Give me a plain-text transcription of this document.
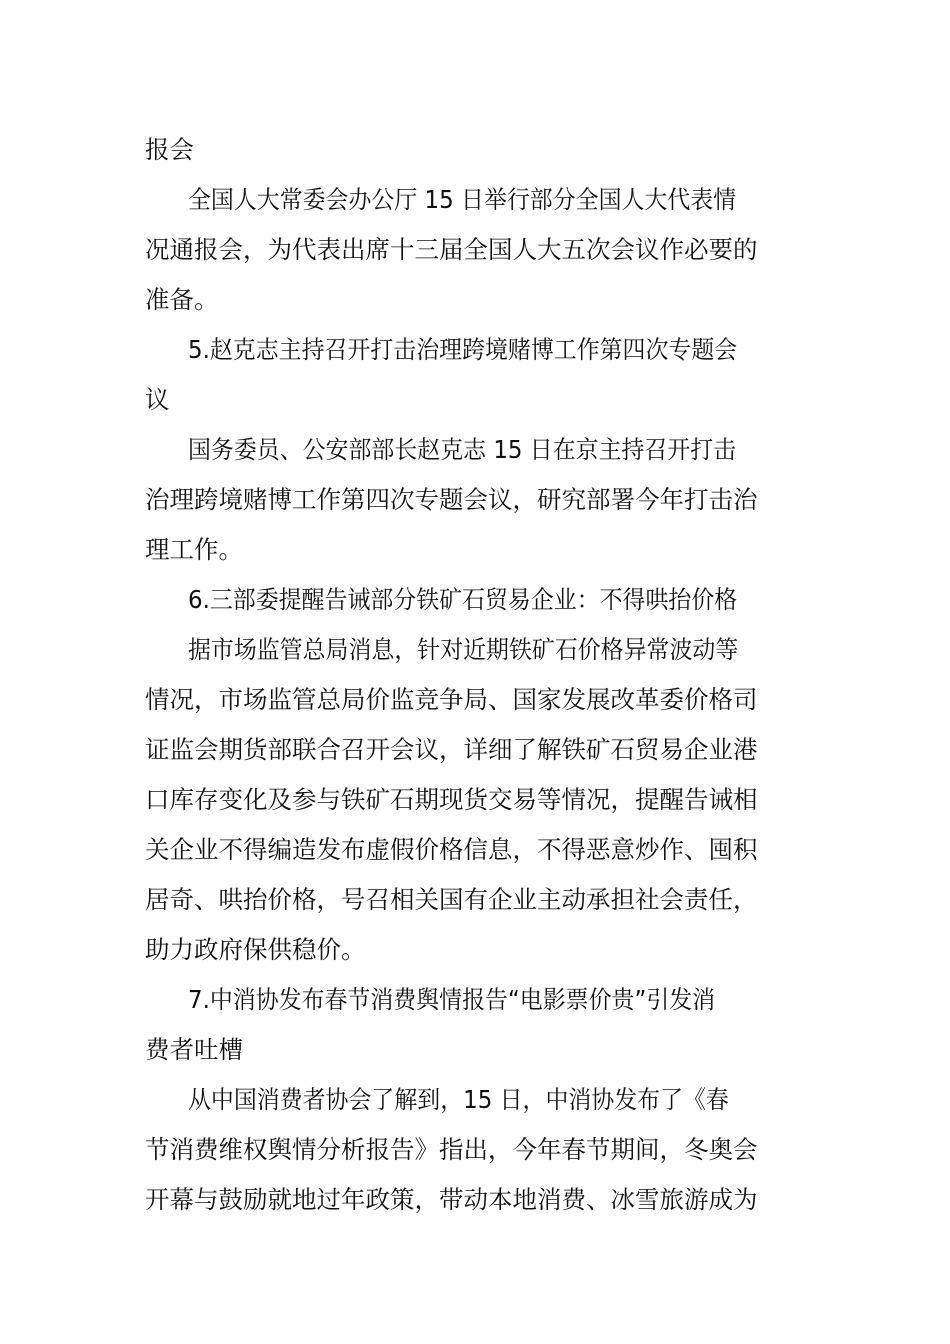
报会
全国人大常委会办公厅 15 日举行部分全国人大代表情
况通报会，为代表出席十三届全国人大五次会议作必要的
准备。
5.赵克志主持召开打击治理跨境赌博工作第四次专题会
议
国务委员、公安部部长赵克志 15 日在京主持召开打击
治理跨境赌博工作第四次专题会议，研究部署今年打击治
理工作。
6.三部委提醒告诫部分铁矿石贸易企业：不得哄抬价格
据市场监管总局消息，针对近期铁矿石价格异常波动等
情况，市场监管总局价监竞争局、国家发展改革委价格司
证监会期货部联合召开会议，详细了解铁矿石贸易企业港
口库存变化及参与铁矿石期现货交易等情况，提醒告诫相
关企业不得编造发布虚假价格信息，不得恶意炒作、囤积
居奇、哄抬价格，号召相关国有企业主动承担社会责任，
助力政府保供稳价。
7.中消协发布春节消费舆情报告“电影票价贵”引发消
费者吐槽
从中国消费者协会了解到，15 日，中消协发布了《春
节消费维权舆情分析报告》指出，今年春节期间，冬奥会
开幕与鼓励就地过年政策，带动本地消费、冰雪旅游成为
